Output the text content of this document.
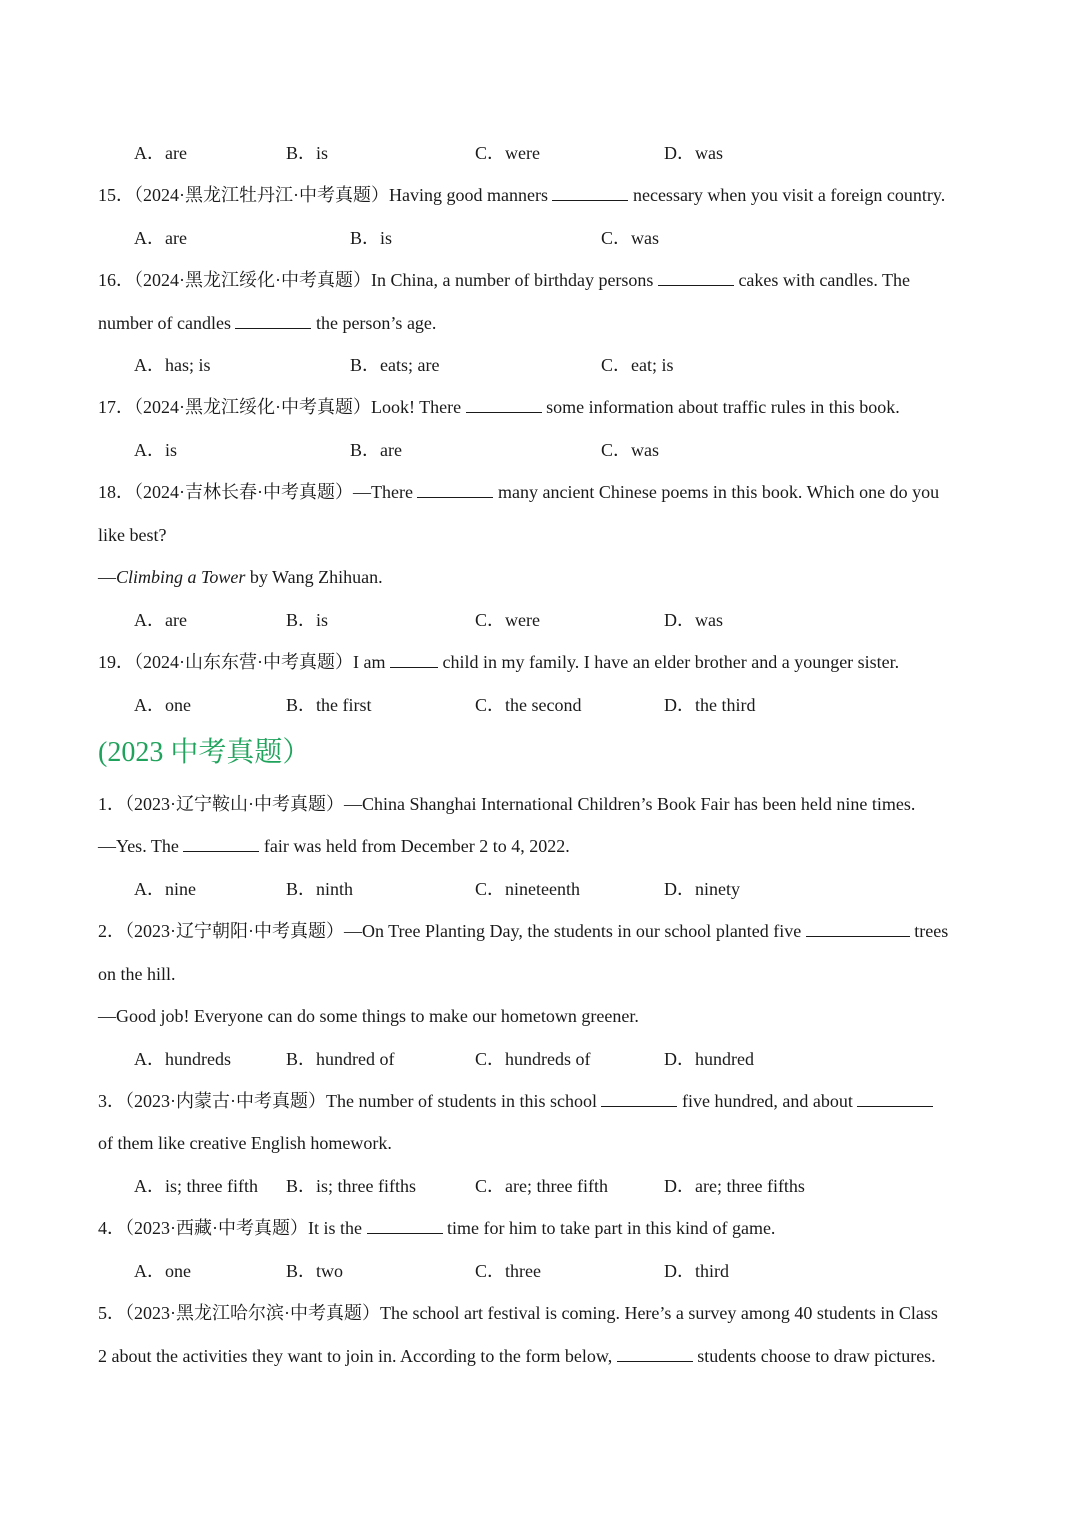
A．are	B．is	C．were	D．was
15．（2024·黑龙江牡丹江·中考真题）Having good manners	necessary when you visit a foreign country.
A．are	B．is	C．was
16．（2024·黑龙江绥化·中考真题）In China, a number of birthday persons	cakes with candles. The
number of candles	the person’s age.
A．has; is	B．eats; are	C．eat; is
17．（2024·黑龙江绥化·中考真题）Look! There	some information about traffic rules in this book.
A．is	B．are	C．was
18．（2024·吉林长春·中考真题）—There	many ancient Chinese poems in this book. Which one do you
like best?
—Climbing a Tower by Wang Zhihuan.
A．are	B．is	C．were	D．was
19．（2024·山东东营·中考真题）I am	child in my family. I have an elder brother and a younger sister.
A．one	B．the first	C．the second	D．the third
(2023 中考真题）
1．（2023·辽宁鞍山·中考真题）—China Shanghai International Children’s Book Fair has been held nine times.
—Yes. The	fair was held from December 2 to 4, 2022.
A．nine	B．ninth	C．nineteenth	D．ninety
2．（2023·辽宁朝阳·中考真题）—On Tree Planting Day, the students in our school planted five	trees
on the hill.
—Good job! Everyone can do some things to make our hometown greener.
A．hundreds	B．hundred of	C．hundreds of	D．hundred
3．（2023·内蒙古·中考真题）The number of students in this school	five hundred, and about
of them like creative English homework.
A．is; three fifth B．is; three fifths	C．are; three fifth	D．are; three fifths
4．（2023·西藏·中考真题）It is the	time for him to take part in this kind of game.
A．one	B．two	C．three	D．third
5．（2023·黑龙江哈尔滨·中考真题）The school art festival is coming. Here’s a survey among 40 students in Class
2 about the activities they want to join in. According to the form below,	students choose to draw pictures.
